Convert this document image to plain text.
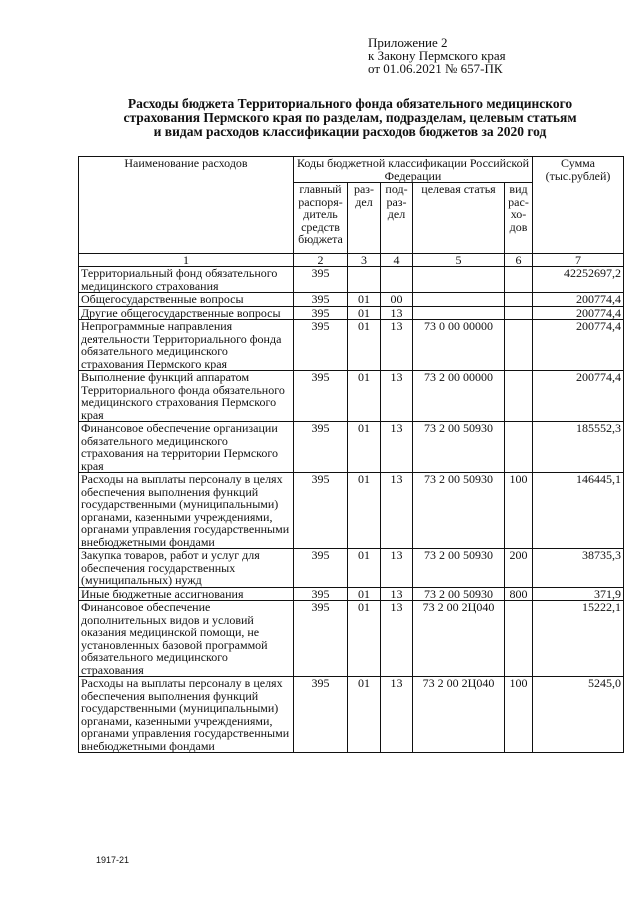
Приложение 2
к Закону Пермского края
от 01.06.2021 № 657-ПК
Расходы бюджета Территориального фонда обязательного медицинского
страхования Пермского края по разделам, подразделам, целевым статьям
и видам расходов классификации расходов бюджетов за 2020 год
Наименование расходов	Коды бюджетной классификации Российской Федерации					Сумма (тыс.рублей)
	главный распоря-дитель средств бюджета	раз-дел	под-раз-дел	целевая статья	вид рас-хо-дов	
1	2	3	4	5	6	7
Территориальный фонд обязательного медицинского страхования	395					42252697,2
Общегосударственные вопросы	395	01	00			200774,4
Другие общегосударственные вопросы	395	01	13			200774,4
Непрограммные направления деятельности Территориального фонда обязательного медицинского страхования Пермского края	395	01	13	73 0 00 00000		200774,4
Выполнение функций аппаратом Территориального фонда обязательного медицинского страхования Пермского края	395	01	13	73 2 00 00000		200774,4
Финансовое обеспечение организации обязательного медицинского страхования на территории Пермского края	395	01	13	73 2 00 50930		185552,3
Расходы на выплаты персоналу в целях обеспечения выполнения функций государственными (муниципальными) органами, казенными учреждениями, органами управления государственными внебюджетными фондами	395	01	13	73 2 00 50930	100	146445,1
Закупка товаров, работ и услуг для обеспечения государственных (муниципальных) нужд	395	01	13	73 2 00 50930	200	38735,3
Иные бюджетные ассигнования	395	01	13	73 2 00 50930	800	371,9
Финансовое обеспечение дополнительных видов и условий оказания медицинской помощи, не установленных базовой программой обязательного медицинского страхования	395	01	13	73 2 00 2Ц040		15222,1
Расходы на выплаты персоналу в целях обеспечения выполнения функций государственными (муниципальными) органами, казенными учреждениями, органами управления государственными внебюджетными фондами	395	01	13	73 2 00 2Ц040	100	5245,0
1917-21
